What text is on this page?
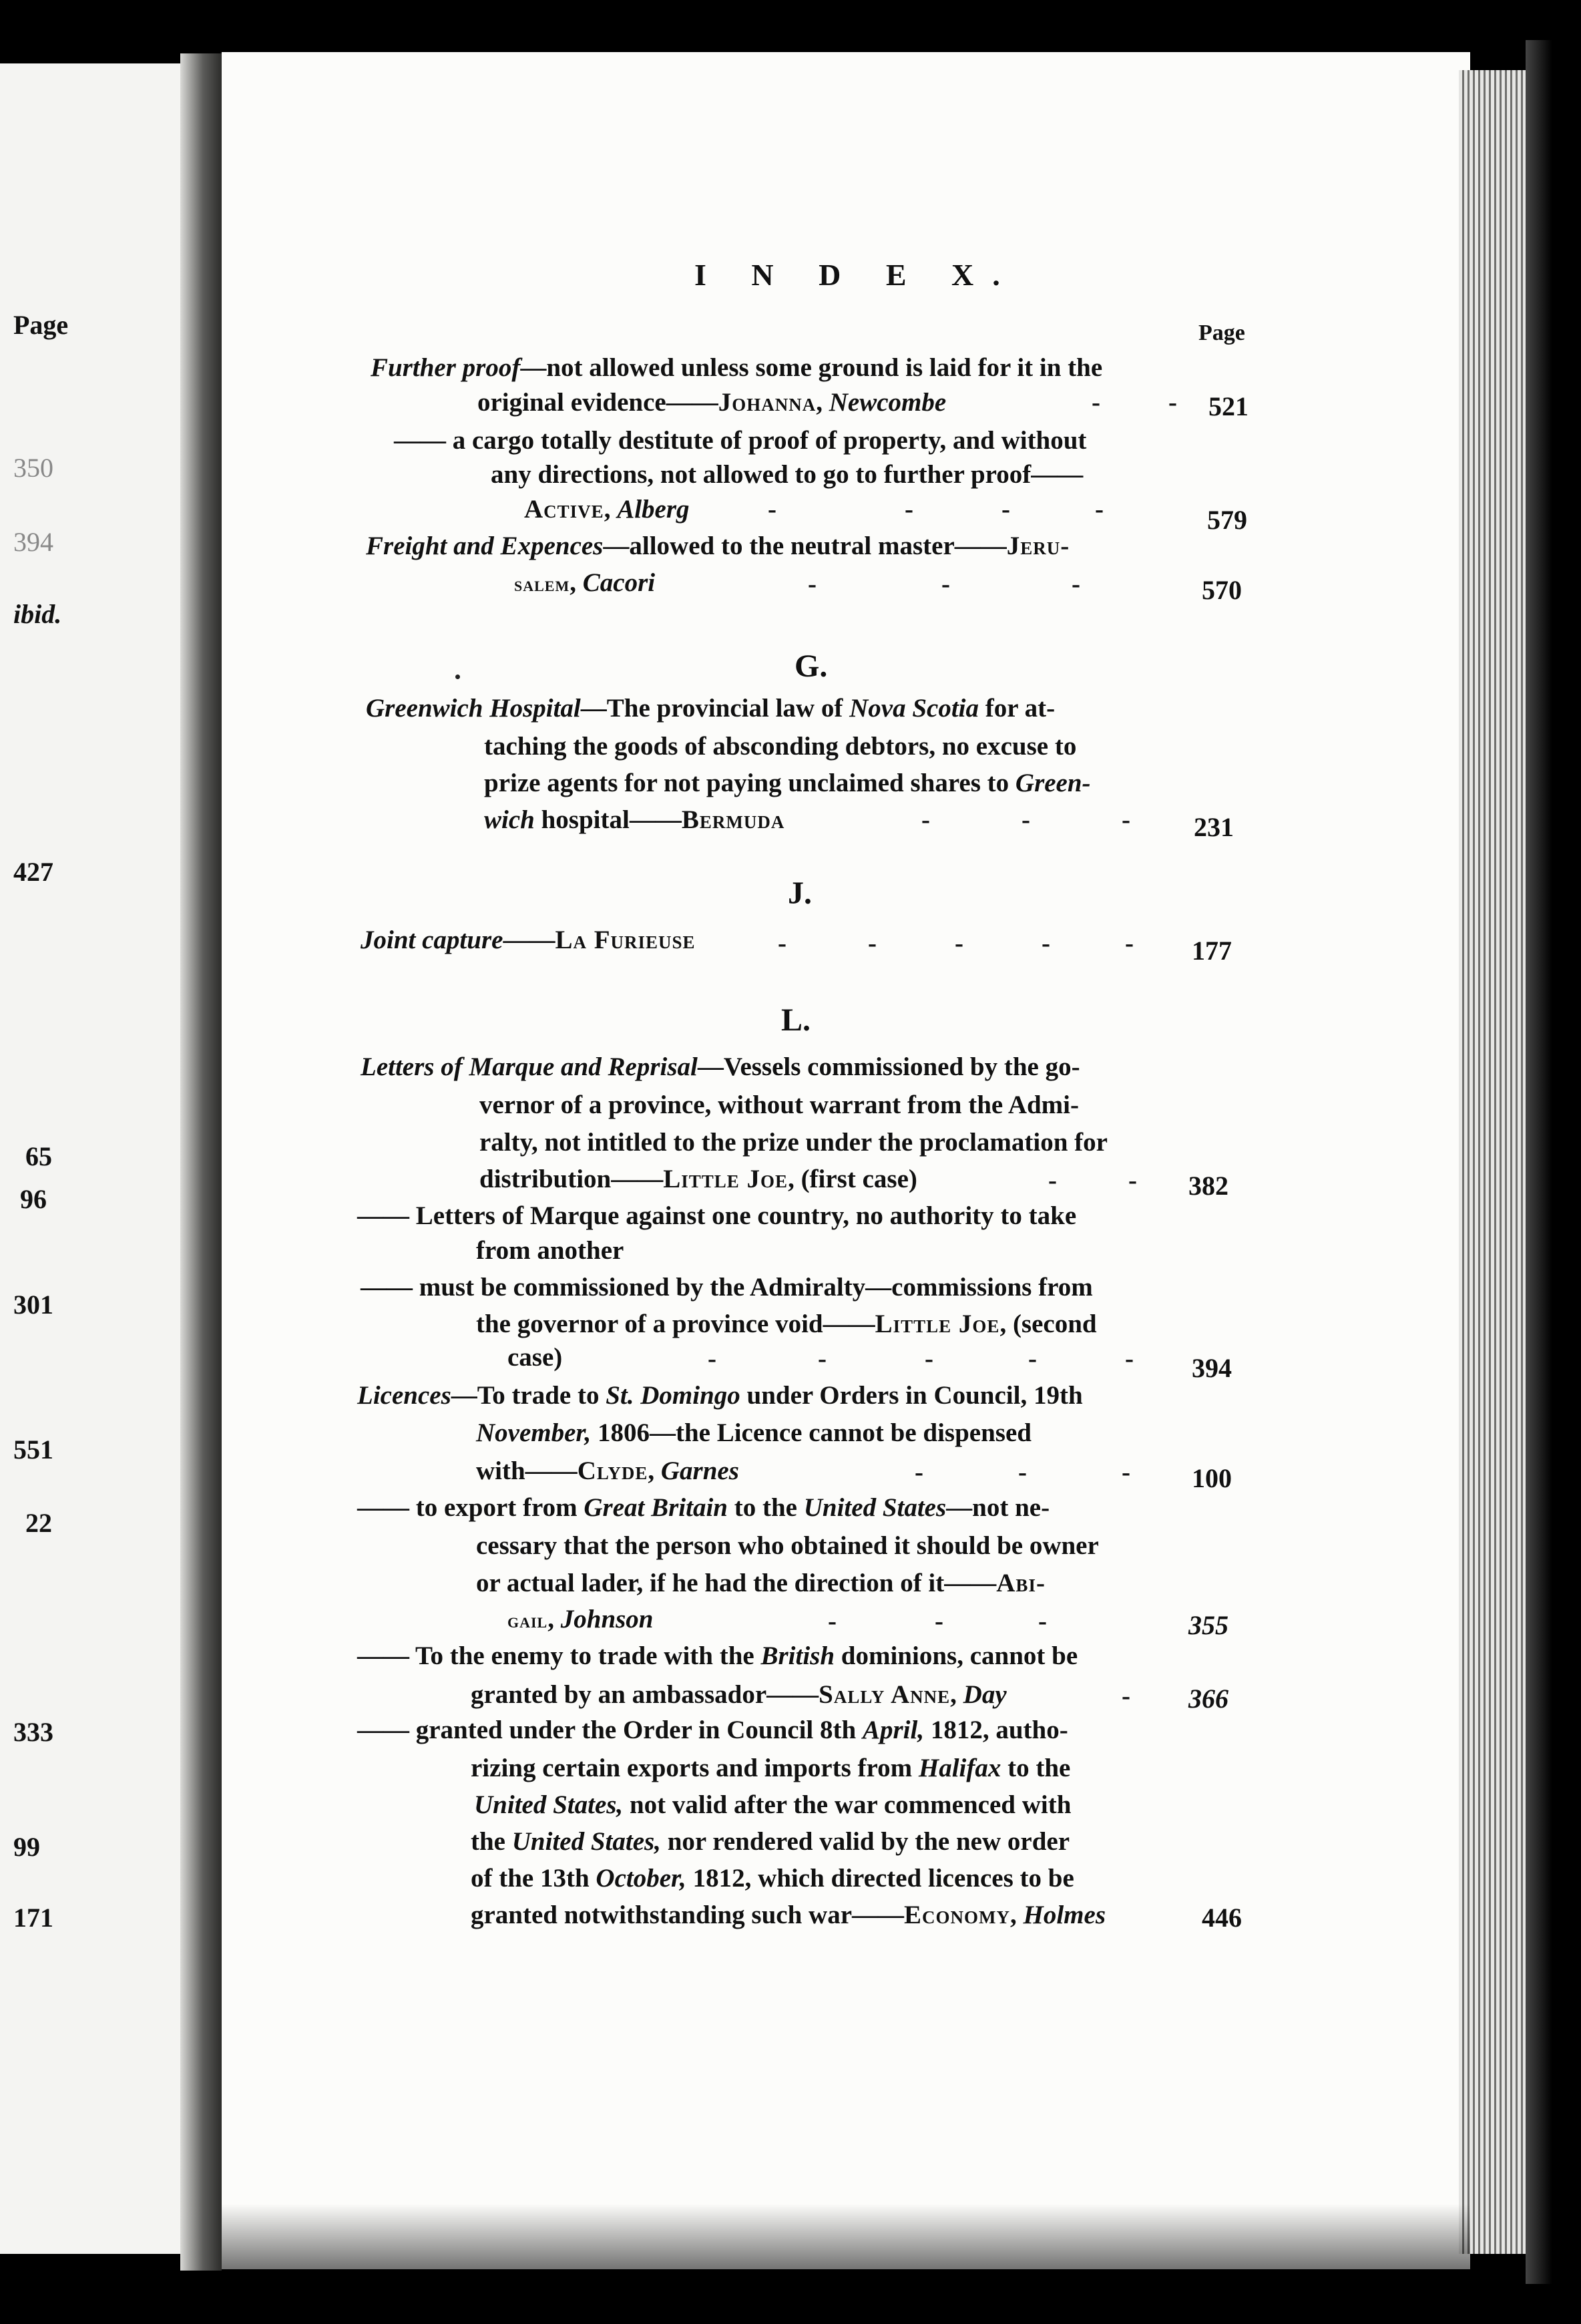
Page
350
394
ibid.
427
65
96
301
551
22
333
99
171
I N D E X.
Page
Further proof—not allowed unless some ground is laid for it in the
original evidence——Johanna, Newcombe	-	- 521
—— a cargo totally destitute of proof of property, and without
any directions, not allowed to go to further proof——
Active, Alberg	-	-	-	-	579
Freight and Expences—allowed to the neutral master——Jeru-
salem, Cacori	-	-	-	570
G.
Greenwich Hospital—The provincial law of Nova Scotia for at-
taching the goods of absconding debtors, no excuse to
prize agents for not paying unclaimed shares to Green-
wich hospital——Bermuda	-	-	- 231
J.
Joint capture——La Furieuse	-	-	-	-	- 177
L.
Letters of Marque and Reprisal—Vessels commissioned by the go-
vernor of a province, without warrant from the Admi-
ralty, not intitled to the prize under the proclamation for
distribution——Little Joe, (first case)	-	- 382
—— Letters of Marque against one country, no authority to take
from another
—— must be commissioned by the Admiralty—commissions from
the governor of a province void——Little Joe, (second
case)	-	-	-	-	- 394
Licences—To trade to St. Domingo under Orders in Council, 19th
November, 1806—the Licence cannot be dispensed
with——Clyde, Garnes	-	-	- 100
—— to export from Great Britain to the United States—not ne-
cessary that the person who obtained it should be owner
or actual lader, if he had the direction of it——Abi-
gail, Johnson	-	-	-	355
—— To the enemy to trade with the British dominions, cannot be
granted by an ambassador——Sally Anne, Day	- 366
—— granted under the Order in Council 8th April, 1812, autho-
rizing certain exports and imports from Halifax to the
United States, not valid after the war commenced with
the United States, nor rendered valid by the new order
of the 13th October, 1812, which directed licences to be
granted notwithstanding such war——Economy, Holmes	446
